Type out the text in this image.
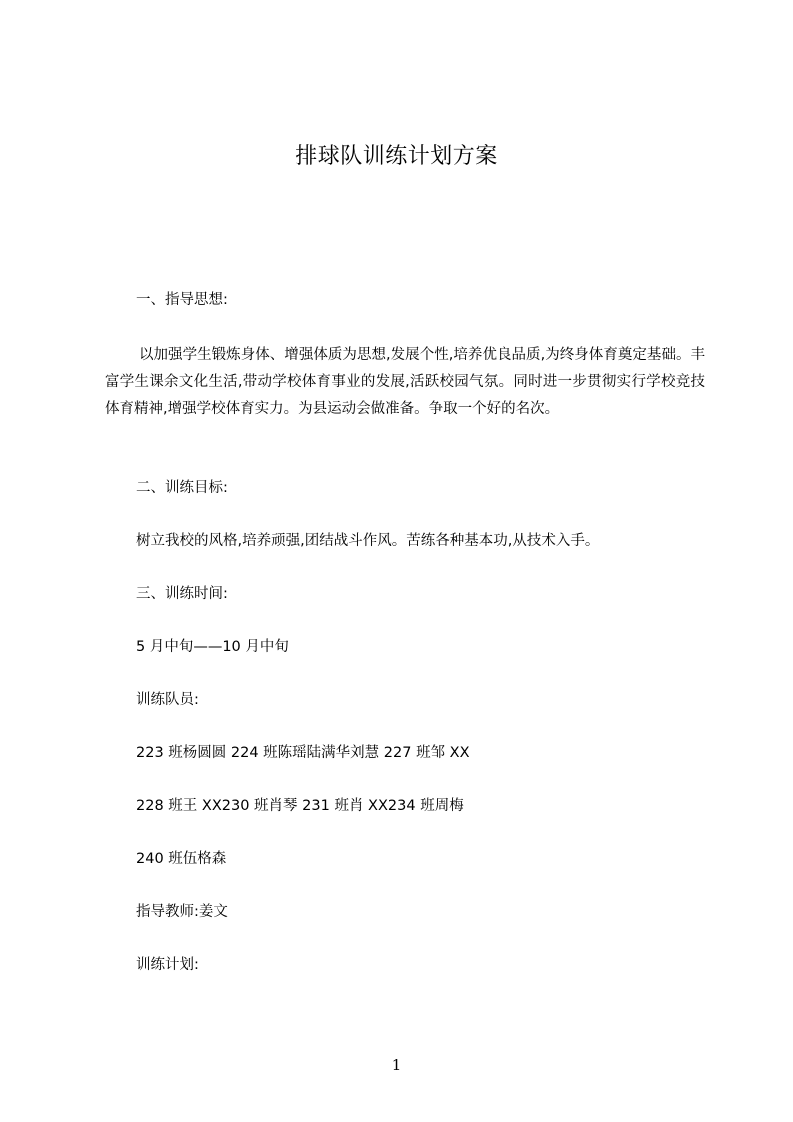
排球队训练计划方案
一、指导思想:
以加强学生锻炼身体、增强体质为思想,发展个性,培养优良品质,为终身体育奠定基础。丰富学生课余文化生活,带动学校体育事业的发展,活跃校园气氛。同时进一步贯彻实行学校竞技体育精神,增强学校体育实力。为县运动会做准备。争取一个好的名次。
二、训练目标:
树立我校的风格,培养顽强,团结战斗作风。苦练各种基本功,从技术入手。
三、训练时间:
5 月中旬——10 月中旬
训练队员:
223 班杨圆圆 224 班陈瑶陆满华刘慧 227 班邹 XX
228 班王 XX230 班肖琴 231 班肖 XX234 班周梅
240 班伍格森
指导教师:姜文
训练计划:
1
